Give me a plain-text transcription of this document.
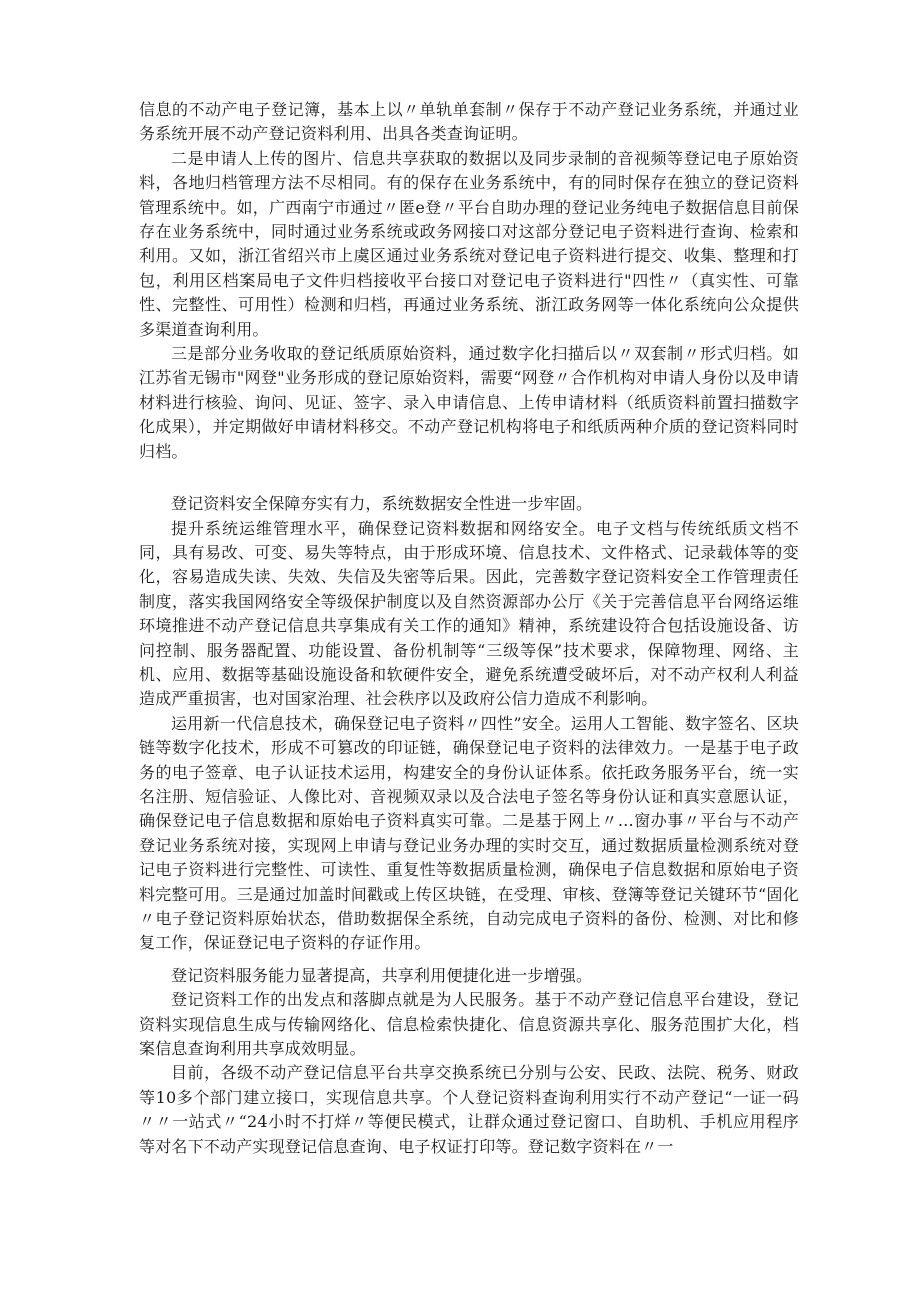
信息的不动产电子登记簿，基本上以〃单轨单套制〃保存于不动产登记业务系统，并通过业务系统开展不动产登记资料利用、出具各类查询证明。

二是申请人上传的图片、信息共享获取的数据以及同步录制的音视频等登记电子原始资料，各地归档管理方法不尽相同。有的保存在业务系统中，有的同时保存在独立的登记资料管理系统中。如，广西南宁市通过〃匿e登〃平台自助办理的登记业务纯电子数据信息目前保存在业务系统中，同时通过业务系统或政务网接口对这部分登记电子资料进行查询、检索和利用。又如，浙江省绍兴市上虞区通过业务系统对登记电子资料进行提交、收集、整理和打包，利用区档案局电子文件归档接收平台接口对登记电子资料进行"四性〃（真实性、可靠性、完整性、可用性）检测和归档，再通过业务系统、浙江政务网等一体化系统向公众提供多渠道查询利用。

三是部分业务收取的登记纸质原始资料，通过数字化扫描后以〃双套制〃形式归档。如江苏省无锡市"网登"业务形成的登记原始资料，需要“网登〃合作机构对申请人身份以及申请材料进行核验、询问、见证、签字、录入申请信息、上传申请材料（纸质资料前置扫描数字化成果），并定期做好申请材料移交。不动产登记机构将电子和纸质两种介质的登记资料同时归档。

登记资料安全保障夯实有力，系统数据安全性进一步牢固。

提升系统运维管理水平，确保登记资料数据和网络安全。电子文档与传统纸质文档不同，具有易改、可变、易失等特点，由于形成环境、信息技术、文件格式、记录载体等的变化，容易造成失读、失效、失信及失密等后果。因此，完善数字登记资料安全工作管理责任制度，落实我国网络安全等级保护制度以及自然资源部办公厅《关于完善信息平台网络运维环境推进不动产登记信息共享集成有关工作的通知》精神，系统建设符合包括设施设备、访问控制、服务器配置、功能设置、备份机制等“三级等保”技术要求，保障物理、网络、主机、应用、数据等基础设施设备和软硬件安全，避免系统遭受破坏后，对不动产权利人利益造成严重损害，也对国家治理、社会秩序以及政府公信力造成不利影响。

运用新一代信息技术，确保登记电子资料〃四性”安全。运用人工智能、数字签名、区块链等数字化技术，形成不可篡改的印证链，确保登记电子资料的法律效力。一是基于电子政务的电子签章、电子认证技术运用，构建安全的身份认证体系。依托政务服务平台，统一实名注册、短信验证、人像比对、音视频双录以及合法电子签名等身份认证和真实意愿认证，确保登记电子信息数据和原始电子资料真实可靠。二是基于网上〃…窗办事〃平台与不动产登记业务系统对接，实现网上申请与登记业务办理的实时交互，通过数据质量检测系统对登记电子资料进行完整性、可读性、重复性等数据质量检测，确保电子信息数据和原始电子资料完整可用。三是通过加盖时间戳或上传区块链，在受理、审核、登簿等登记关键环节“固化〃电子登记资料原始状态，借助数据保全系统，自动完成电子资料的备份、检测、对比和修复工作，保证登记电子资料的存证作用。

登记资料服务能力显著提高，共享利用便捷化进一步增强。

登记资料工作的出发点和落脚点就是为人民服务。基于不动产登记信息平台建设，登记资料实现信息生成与传输网络化、信息检索快捷化、信息资源共享化、服务范围扩大化，档案信息查询利用共享成效明显。

目前，各级不动产登记信息平台共享交换系统已分别与公安、民政、法院、税务、财政等10多个部门建立接口，实现信息共享。个人登记资料查询利用实行不动产登记“一证一码〃〃一站式〃“24小时不打烊〃等便民模式，让群众通过登记窗口、自助机、手机应用程序等对名下不动产实现登记信息查询、电子权证打印等。登记数字资料在〃一
